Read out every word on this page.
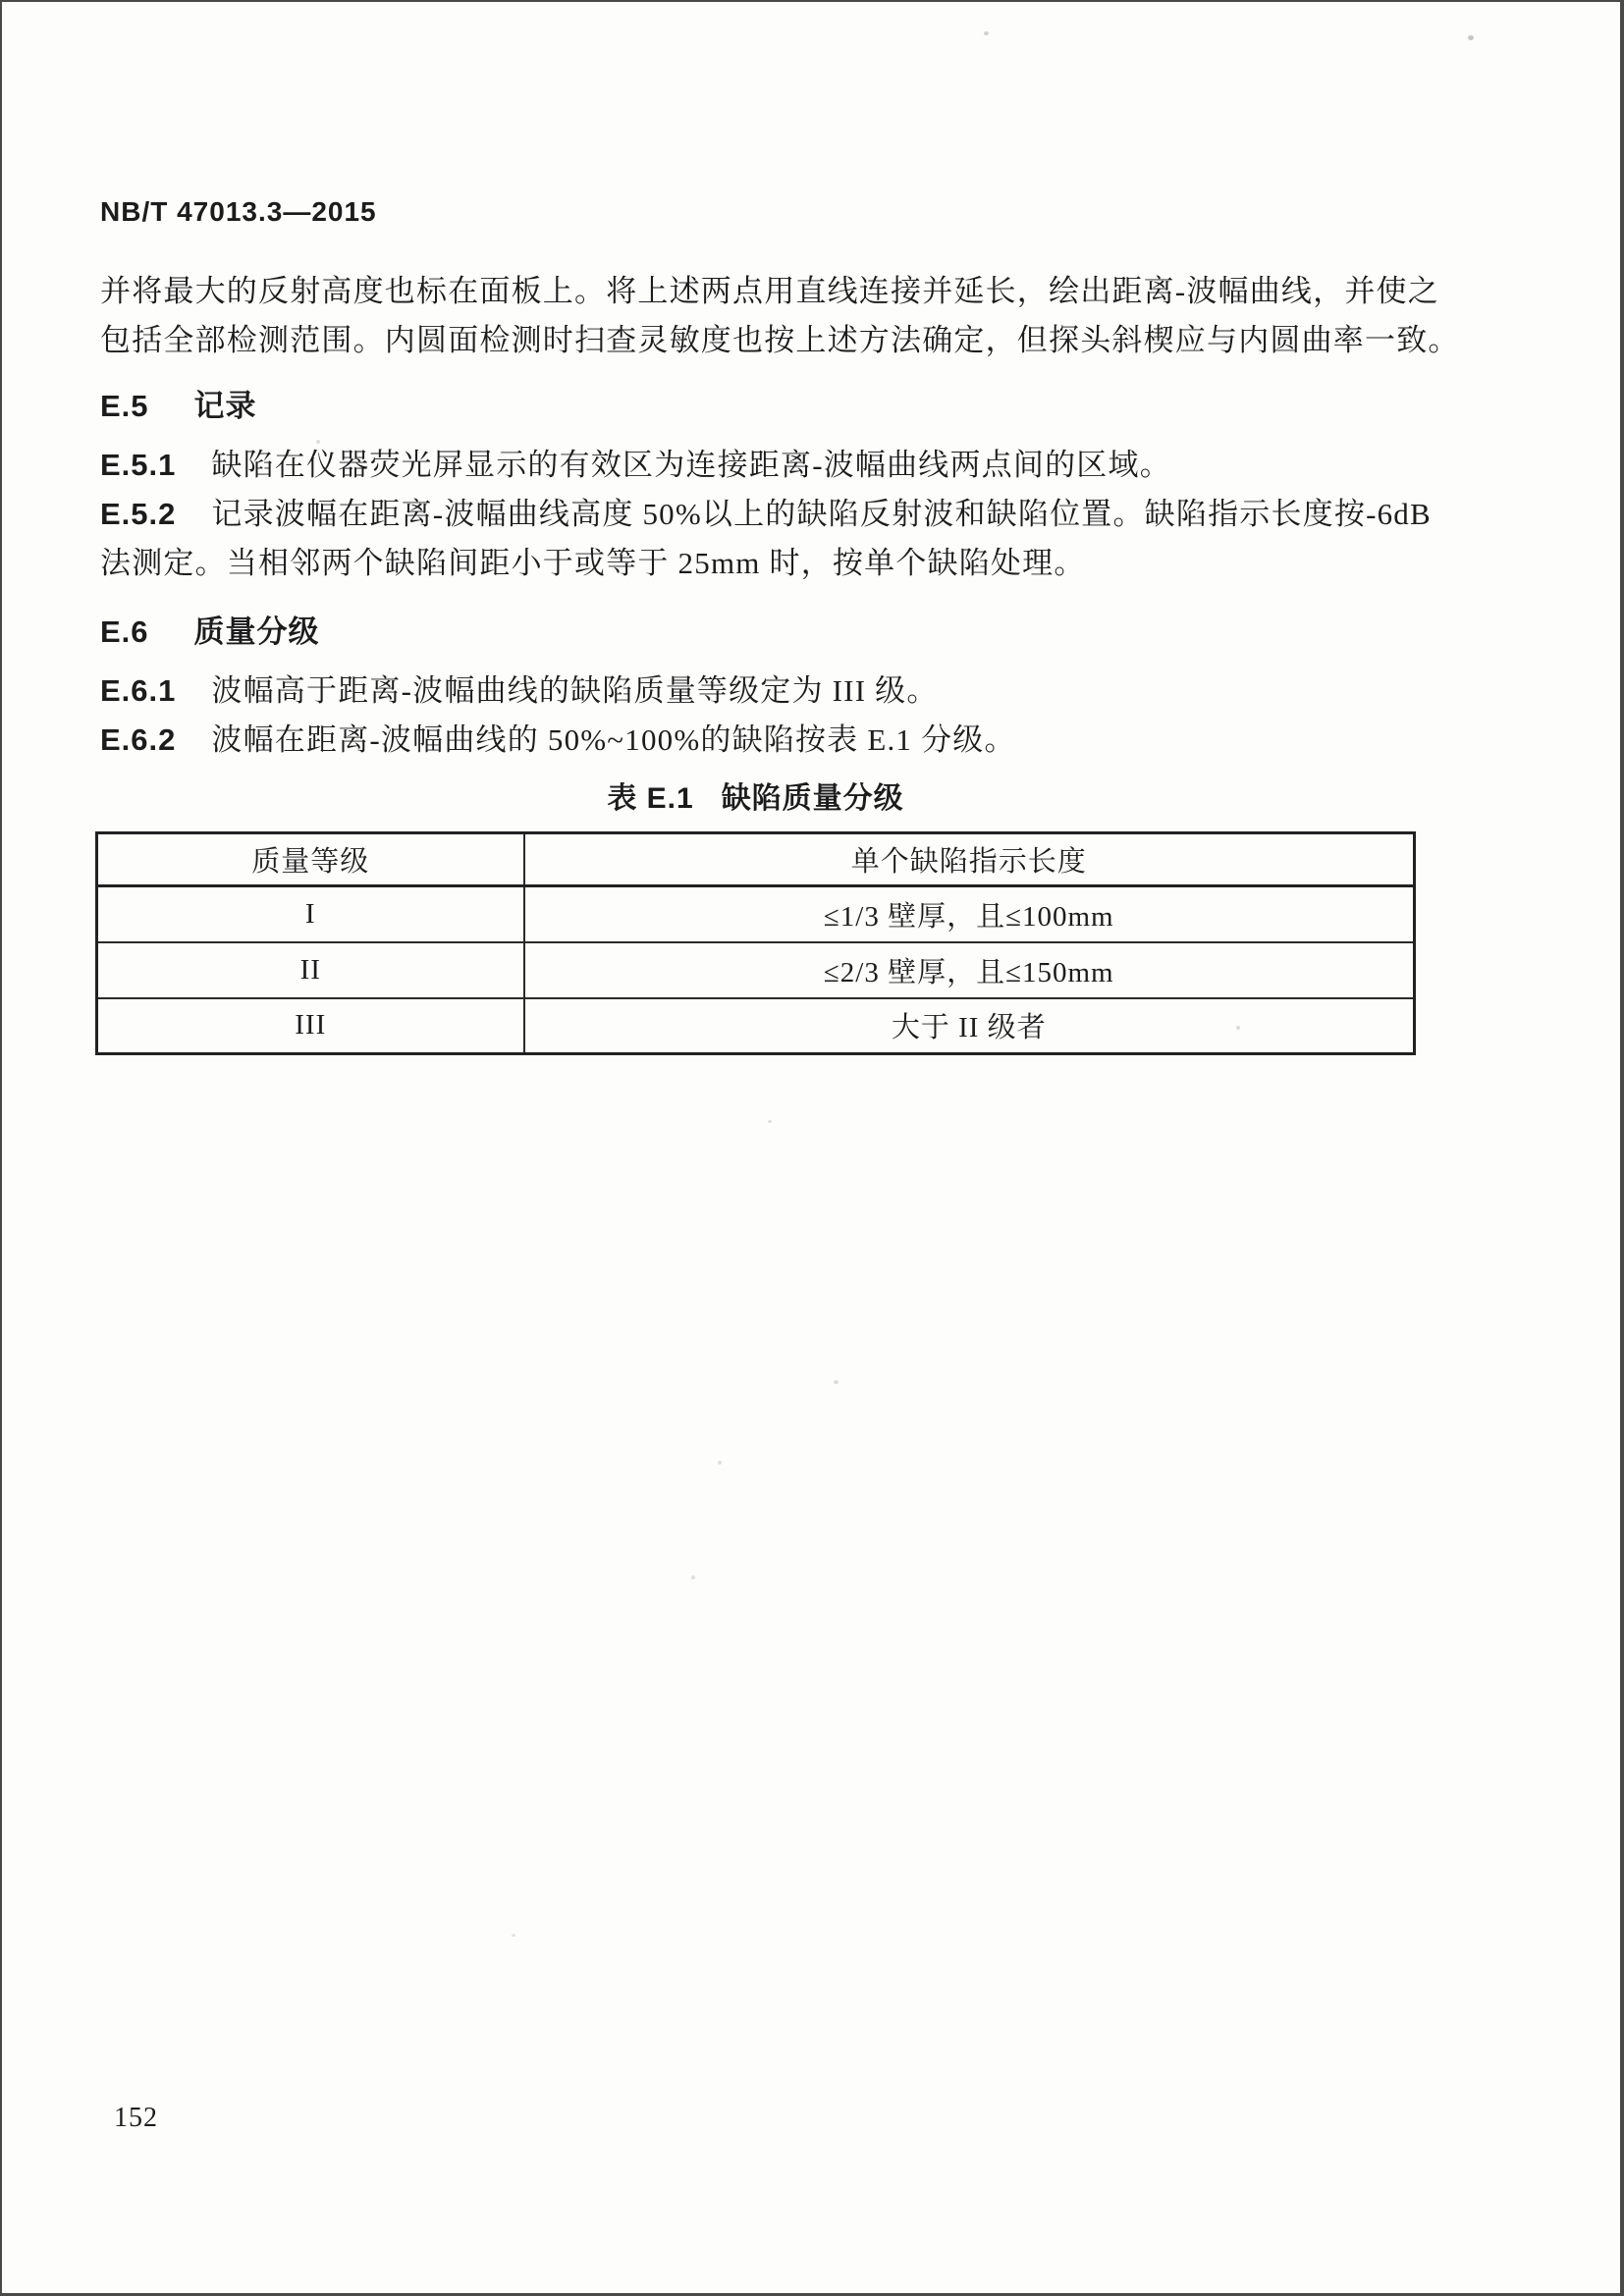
NB/T 47013.3—2015
并将最大的反射高度也标在面板上。将上述两点用直线连接并延长，绘出距离-波幅曲线，并使之
包括全部检测范围。内圆面检测时扫查灵敏度也按上述方法确定，但探头斜楔应与内圆曲率一致。
E.5 记录
E.5.1 缺陷在仪器荧光屏显示的有效区为连接距离-波幅曲线两点间的区域。
E.5.2 记录波幅在距离-波幅曲线高度 50%以上的缺陷反射波和缺陷位置。缺陷指示长度按-6dB
法测定。当相邻两个缺陷间距小于或等于 25mm 时，按单个缺陷处理。
E.6 质量分级
E.6.1 波幅高于距离-波幅曲线的缺陷质量等级定为 III 级。
E.6.2 波幅在距离-波幅曲线的 50%~100%的缺陷按表 E.1 分级。
表 E.1 缺陷质量分级
质量等级	单个缺陷指示长度
I	≤1/3 壁厚，且≤100mm
II	≤2/3 壁厚，且≤150mm
III	大于 II 级者
152
